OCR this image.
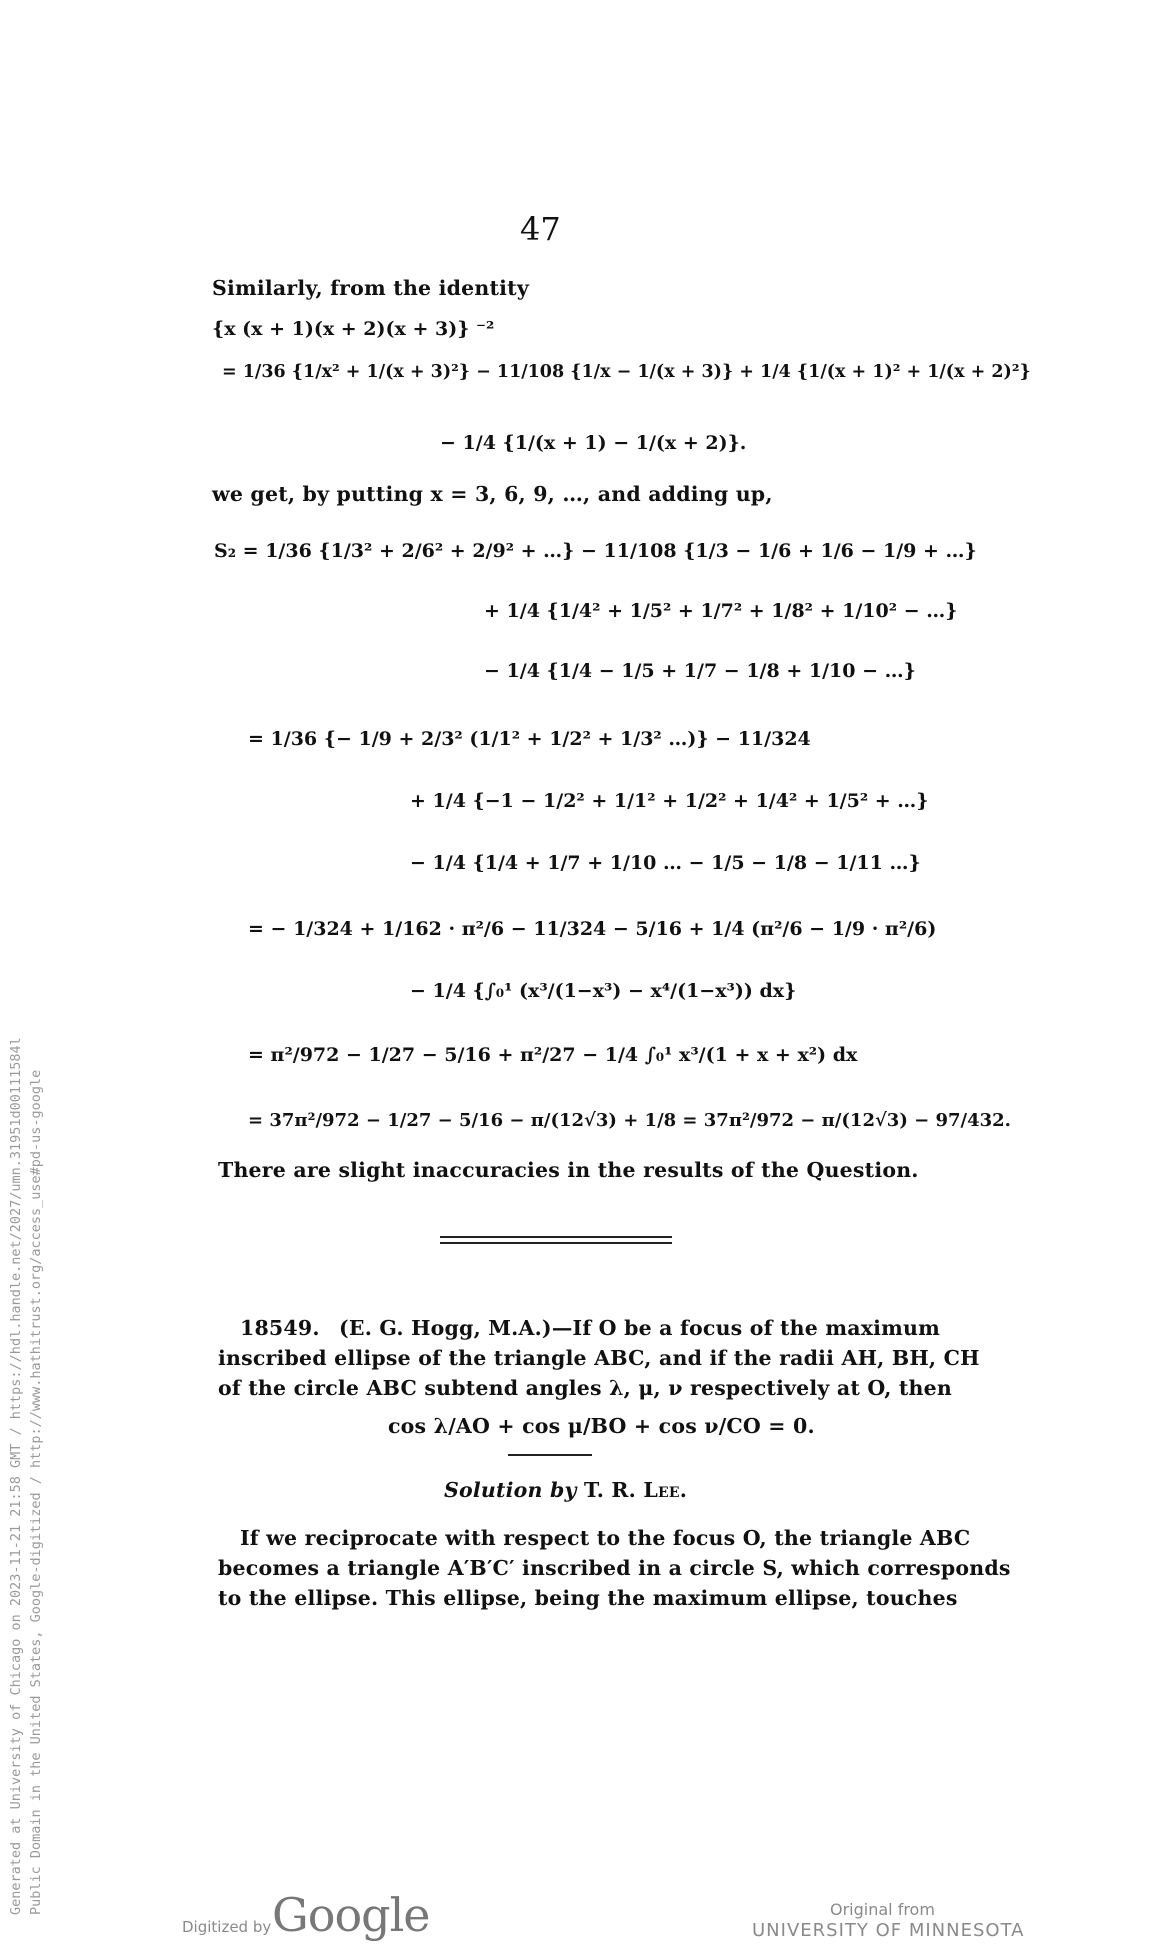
47
Similarly, from the identity
{x (x + 1)(x + 2)(x + 3)} ⁻²
= 1/36 {1/x² + 1/(x + 3)²} − 11/108 {1/x − 1/(x + 3)} + 1/4 {1/(x + 1)² + 1/(x + 2)²}
− 1/4 {1/(x + 1) − 1/(x + 2)}.
we get, by putting x = 3, 6, 9, …, and adding up,
S₂ = 1/36 {1/3² + 2/6² + 2/9² + …} − 11/108 {1/3 − 1/6 + 1/6 − 1/9 + …}
+ 1/4 {1/4² + 1/5² + 1/7² + 1/8² + 1/10² − …}
− 1/4 {1/4 − 1/5 + 1/7 − 1/8 + 1/10 − …}
= 1/36 {− 1/9 + 2/3² (1/1² + 1/2² + 1/3² …)} − 11/324
+ 1/4 {−1 − 1/2² + 1/1² + 1/2² + 1/4² + 1/5² + …}
− 1/4 {1/4 + 1/7 + 1/10 … − 1/5 − 1/8 − 1/11 …}
= − 1/324 + 1/162 · π²/6 − 11/324 − 5/16 + 1/4 (π²/6 − 1/9 · π²/6)
− 1/4 {∫₀¹ (x³/(1−x³) − x⁴/(1−x³)) dx}
= π²/972 − 1/27 − 5/16 + π²/27 − 1/4 ∫₀¹ x³/(1 + x + x²) dx
= 37π²/972 − 1/27 − 5/16 − π/(12√3) + 1/8 = 37π²/972 − π/(12√3) − 97/432.
There are slight inaccuracies in the results of the Question.
18549. (E. G. Hogg, M.A.)—If O be a focus of the maximum
inscribed ellipse of the triangle ABC, and if the radii AH, BH, CH
of the circle ABC subtend angles λ, μ, ν respectively at O, then
cos λ/AO + cos μ/BO + cos ν/CO = 0.
Solution by T. R. Lee.
If we reciprocate with respect to the focus O, the triangle ABC
becomes a triangle A′B′C′ inscribed in a circle S, which corresponds
to the ellipse. This ellipse, being the maximum ellipse, touches
Generated at University of Chicago on 2023-11-21 21:58 GMT / https://hdl.handle.net/2027/umn.31951d00111584l Public Domain in the United States, Google-digitized / http://www.hathitrust.org/access_use#pd-us-google
Digitized by Google	Original from
UNIVERSITY OF MINNESOTA
